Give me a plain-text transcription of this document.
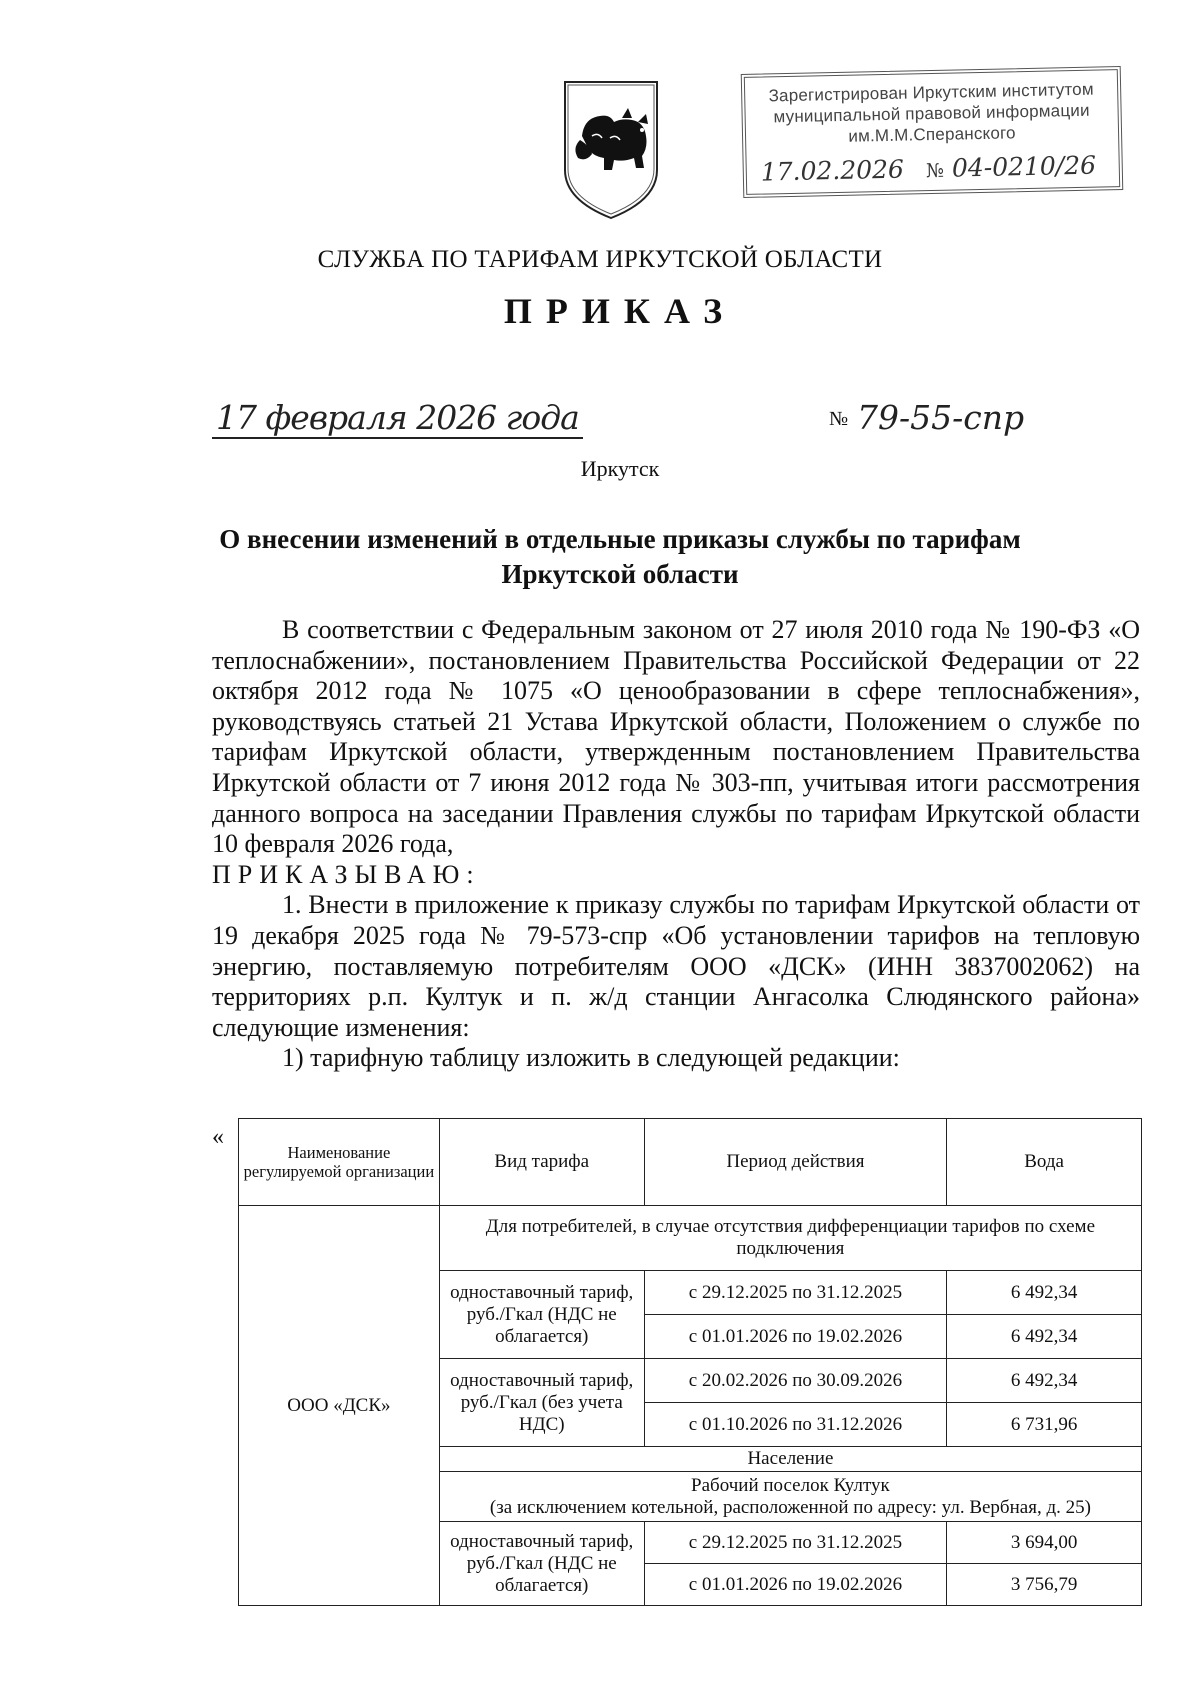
Зарегистрирован Иркутским институтом
муниципальной правовой информации
им.М.М.Сперанского
17.02.2026 № 04-0210/26
СЛУЖБА ПО ТАРИФАМ ИРКУТСКОЙ ОБЛАСТИ
ПРИКАЗ
17 февраля 2026 года	№ 79-55-спр
Иркутск
О внесении изменений в отдельные приказы службы по тарифам
Иркутской области

В соответствии с Федеральным законом от 27 июля 2010 года № 190-ФЗ «О теплоснабжении», постановлением Правительства Российской Федерации от 22 октября 2012 года № 1075 «О ценообразовании в сфере теплоснабжения», руководствуясь статьей 21 Устава Иркутской области, Положением о службе по тарифам Иркутской области, утвержденным постановлением Правительства Иркутской области от 7 июня 2012 года № 303-пп, учитывая итоги рассмотрения данного вопроса на заседании Правления службы по тарифам Иркутской области 10 февраля 2026 года,

ПРИКАЗЫВАЮ:

1. Внести в приложение к приказу службы по тарифам Иркутской области от 19 декабря 2025 года № 79-573-спр «Об установлении тарифов на тепловую энергию, поставляемую потребителям ООО «ДСК» (ИНН 3837002062) на территориях р.п. Култук и п. ж/д станции Ангасолка Слюдянского района» следующие изменения:

1) тарифную таблицу изложить в следующей редакции:

«
Наименование регулируемой организации	Вид тарифа	Период действия	Вода
ООО «ДСК»	Для потребителей, в случае отсутствия дифференциации тарифов по схеме подключения		
	одноставочный тариф, руб./Гкал (НДС не облагается)	с 29.12.2025 по 31.12.2025	6 492,34
		с 01.01.2026 по 19.02.2026	6 492,34
	одноставочный тариф, руб./Гкал (без учета НДС)	с 20.02.2026 по 30.09.2026	6 492,34
		с 01.10.2026 по 31.12.2026	6 731,96
	Население		

	Рабочий поселок Култук
(за исключением котельной, расположенной по адресу: ул. Вербная, д. 25)		

	одноставочный тариф, руб./Гкал (НДС не облагается)	с 29.12.2025 по 31.12.2025	3 694,00
		с 01.01.2026 по 19.02.2026	3 756,79
